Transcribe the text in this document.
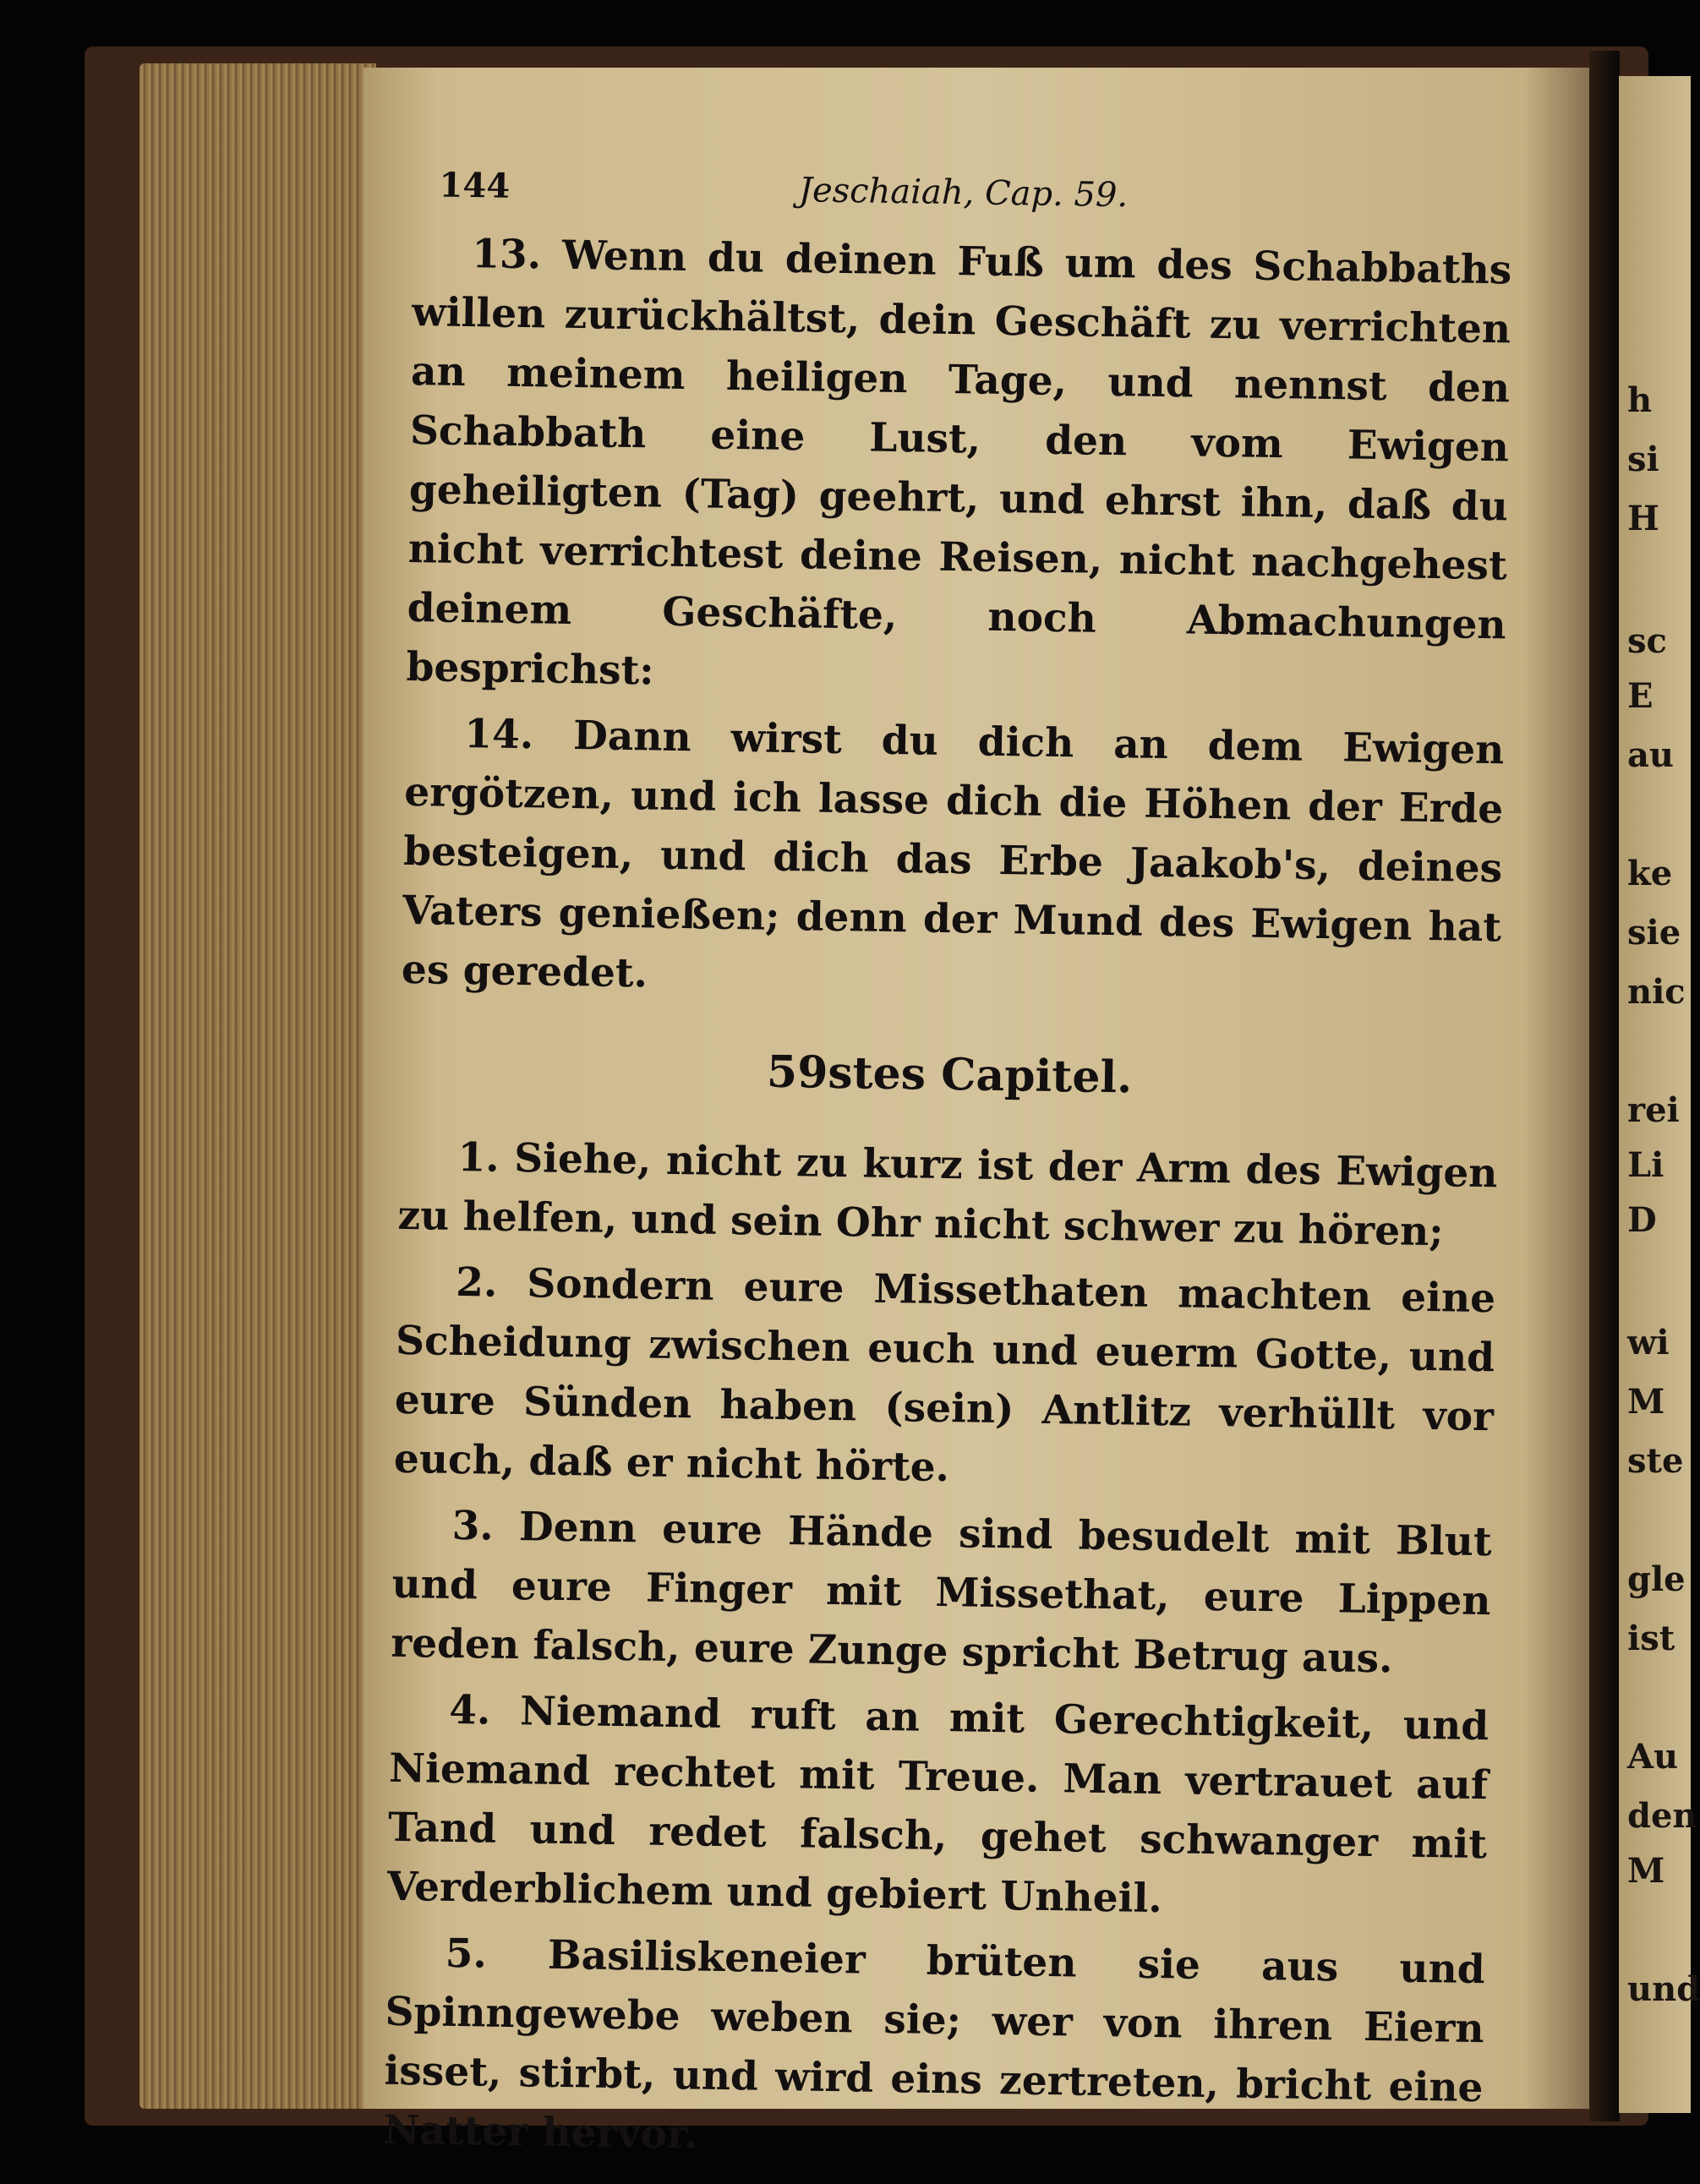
h

si

H

sc

E

au

ke

sie

nic

rei

Li

D

wi

M

ste

gle

ist

Au

den

M

und

144	Jeschaiah, Cap. 59.

13. Wenn du deinen Fuß um des Schabbaths willen zurückhältst, dein Geschäft zu verrichten an meinem heiligen Tage, und nennst den Schabbath eine Lust, den vom Ewigen geheiligten (Tag) geehrt, und ehrst ihn, daß du nicht verrichtest deine Reisen, nicht nachgehest deinem Geschäfte, noch Abmachungen besprichst:

14. Dann wirst du dich an dem Ewigen ergötzen, und ich lasse dich die Höhen der Erde besteigen, und dich das Erbe Jaakob's, deines Vaters genießen; denn der Mund des Ewigen hat es geredet.

59stes Capitel.

1. Siehe, nicht zu kurz ist der Arm des Ewigen zu helfen, und sein Ohr nicht schwer zu hören;

2. Sondern eure Missethaten machten eine Scheidung zwischen euch und euerm Gotte, und eure Sünden haben (sein) Antlitz verhüllt vor euch, daß er nicht hörte.

3. Denn eure Hände sind besudelt mit Blut und eure Finger mit Missethat, eure Lippen reden falsch, eure Zunge spricht Betrug aus.

4. Niemand ruft an mit Gerechtigkeit, und Niemand rechtet mit Treue. Man vertrauet auf Tand und redet falsch, gehet schwanger mit Verderblichem und gebiert Unheil.

5. Basiliskeneier brüten sie aus und Spinngewebe weben sie; wer von ihren Eiern isset, stirbt, und wird eins zertreten, bricht eine Natter hervor.
